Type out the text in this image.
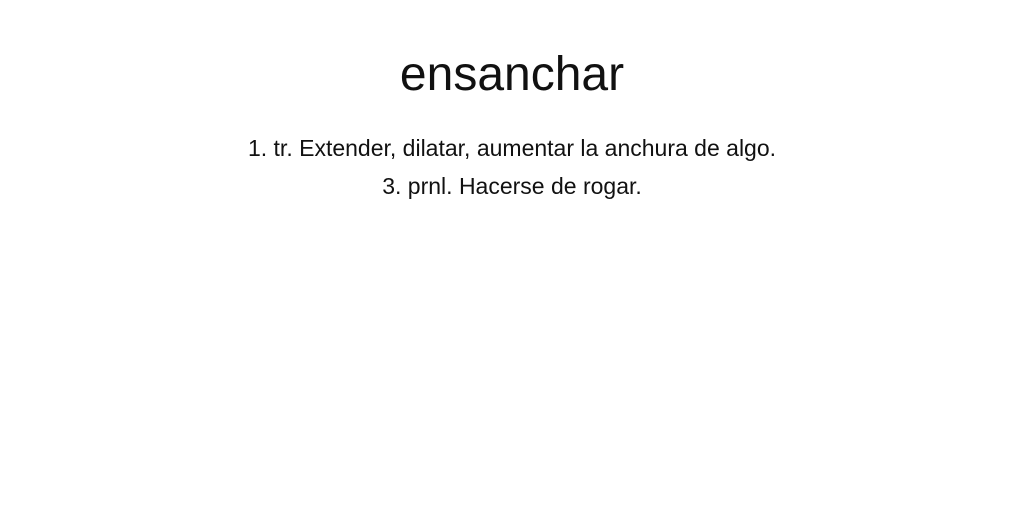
ensanchar
1. tr. Extender, dilatar, aumentar la anchura de algo.
3. prnl. Hacerse de rogar.
